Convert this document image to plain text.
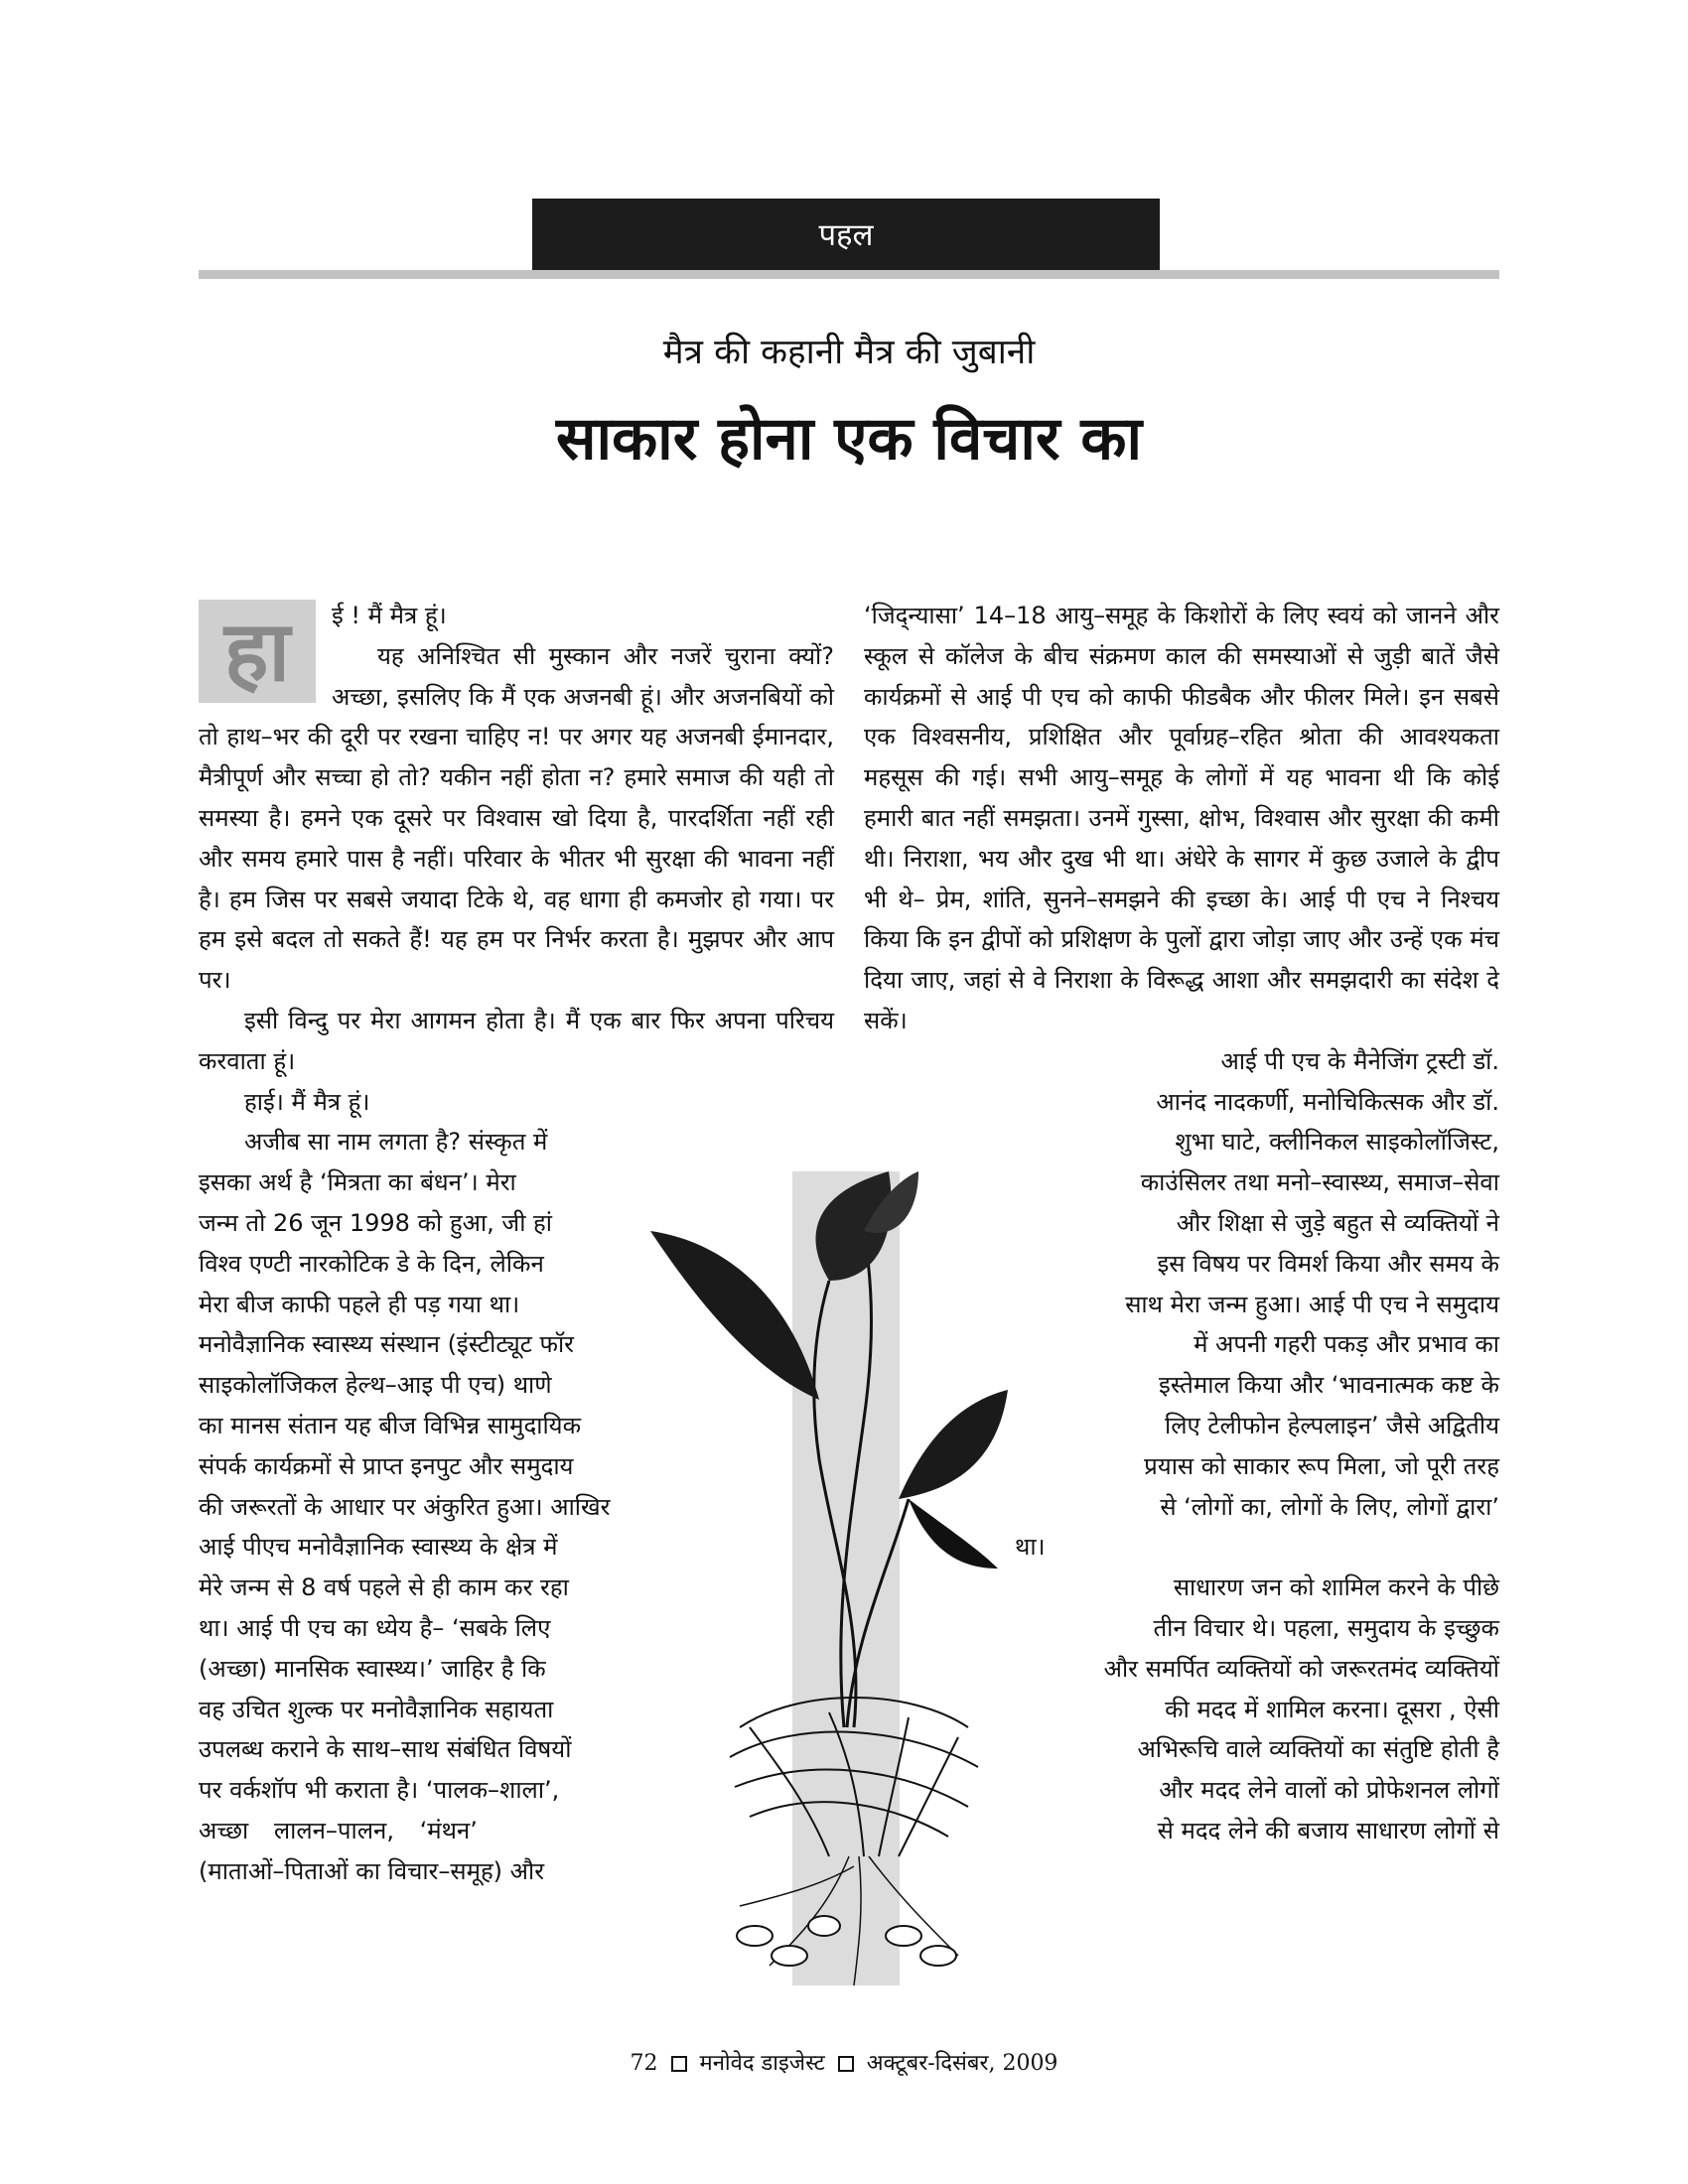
पहल
मैत्र की कहानी मैत्र की जुबानी
साकार होना एक विचार का
हा	ई ! मैं मैत्र हूं।

यह अनिश्चित सी मुस्कान और नजरें चुराना क्यों? अच्छा, इसलिए कि मैं एक अजनबी हूं। और अजनबियों को तो हाथ–भर की दूरी पर रखना चाहिए न! पर अगर यह अजनबी ईमानदार, मैत्रीपूर्ण और सच्चा हो तो? यकीन नहीं होता न? हमारे समाज की यही तो समस्या है। हमने एक दूसरे पर विश्वास खो दिया है, पारदर्शिता नहीं रही और समय हमारे पास है नहीं। परिवार के भीतर भी सुरक्षा की भावना नहीं है। हम जिस पर सबसे जयादा टिके थे, वह धागा ही कमजोर हो गया। पर हम इसे बदल तो सकते हैं! यह हम पर निर्भर करता है। मुझपर और आप पर।

इसी विन्दु पर मेरा आगमन होता है। मैं एक बार फिर अपना परिचय करवाता हूं।

हाई। मैं मैत्र हूं।

अजीब सा नाम लगता है? संस्कृत में
इसका अर्थ है ‘मित्रता का बंधन’। मेरा
जन्म तो 26 जून 1998 को हुआ, जी हां
विश्व एण्टी नारकोटिक डे के दिन, लेकिन
मेरा बीज काफी पहले ही पड़ गया था।
मनोवैज्ञानिक स्वास्थ्य संस्थान (इंस्टीट्यूट फॉर
साइकोलॉजिकल हेल्थ–आइ पी एच) थाणे
का मानस संतान यह बीज विभिन्न सामुदायिक
संपर्क कार्यक्रमों से प्राप्त इनपुट और समुदाय
की जरूरतों के आधार पर अंकुरित हुआ। आखिर
आई पीएच मनोवैज्ञानिक स्वास्थ्य के क्षेत्र में
मेरे जन्म से 8 वर्ष पहले से ही काम कर रहा
था। आई पी एच का ध्येय है– ‘सबके लिए
(अच्छा) मानसिक स्वास्थ्य।’ जाहिर है कि
वह उचित शुल्क पर मनोवैज्ञानिक सहायता
उपलब्ध कराने के साथ–साथ संबंधित विषयों
पर वर्कशॉप भी कराता है। ‘पालक–शाला’,
अच्छा लालन–पालन, ‘मंथन’
(माताओं–पिताओं का विचार–समूह) और

‘जिद्न्यासा’ 14–18 आयु–समूह के किशोरों के लिए स्वयं को जानने और स्कूल से कॉलेज के बीच संक्रमण काल की समस्याओं से जुड़ी बातें जैसे कार्यक्रमों से आई पी एच को काफी फीडबैक और फीलर मिले। इन सबसे एक विश्वसनीय, प्रशिक्षित और पूर्वाग्रह–रहित श्रोता की आवश्यकता महसूस की गई। सभी आयु–समूह के लोगों में यह भावना थी कि कोई हमारी बात नहीं समझता। उनमें गुस्सा, क्षोभ, विश्वास और सुरक्षा की कमी थी। निराशा, भय और दुख भी था। अंधेरे के सागर में कुछ उजाले के द्वीप भी थे– प्रेम, शांति, सुनने–समझने की इच्छा के। आई पी एच ने निश्चय किया कि इन द्वीपों को प्रशिक्षण के पुलों द्वारा जोड़ा जाए और उन्हें एक मंच दिया जाए, जहां से वे निराशा के विरूद्ध आशा और समझदारी का संदेश दे सकें।

आई पी एच के मैनेजिंग ट्रस्टी डॉ.
आनंद नादकर्णी, मनोचिकित्सक और डॉ.
शुभा घाटे, क्लीनिकल साइकोलॉजिस्ट,
काउंसिलर तथा मनो–स्वास्थ्य, समाज–सेवा
और शिक्षा से जुड़े बहुत से व्यक्तियों ने
इस विषय पर विमर्श किया और समय के
साथ मेरा जन्म हुआ। आई पी एच ने समुदाय
में अपनी गहरी पकड़ और प्रभाव का
इस्तेमाल किया और ‘भावनात्मक कष्ट के
लिए टेलीफोन हेल्पलाइन’ जैसे अद्वितीय
प्रयास को साकार रूप मिला, जो पूरी तरह
से ‘लोगों का, लोगों के लिए, लोगों द्वारा’
था।
साधारण जन को शामिल करने के पीछे
तीन विचार थे। पहला, समुदाय के इच्छुक
और समर्पित व्यक्तियों को जरूरतमंद व्यक्तियों
की मदद में शामिल करना। दूसरा , ऐसी
अभिरूचि वाले व्यक्तियों का संतुष्टि होती है
और मदद लेने वालों को प्रोफेशनल लोगों
से मदद लेने की बजाय साधारण लोगों से
72 मनोवेद डाइजेस्ट अक्टूबर-दिसंबर, 2009
